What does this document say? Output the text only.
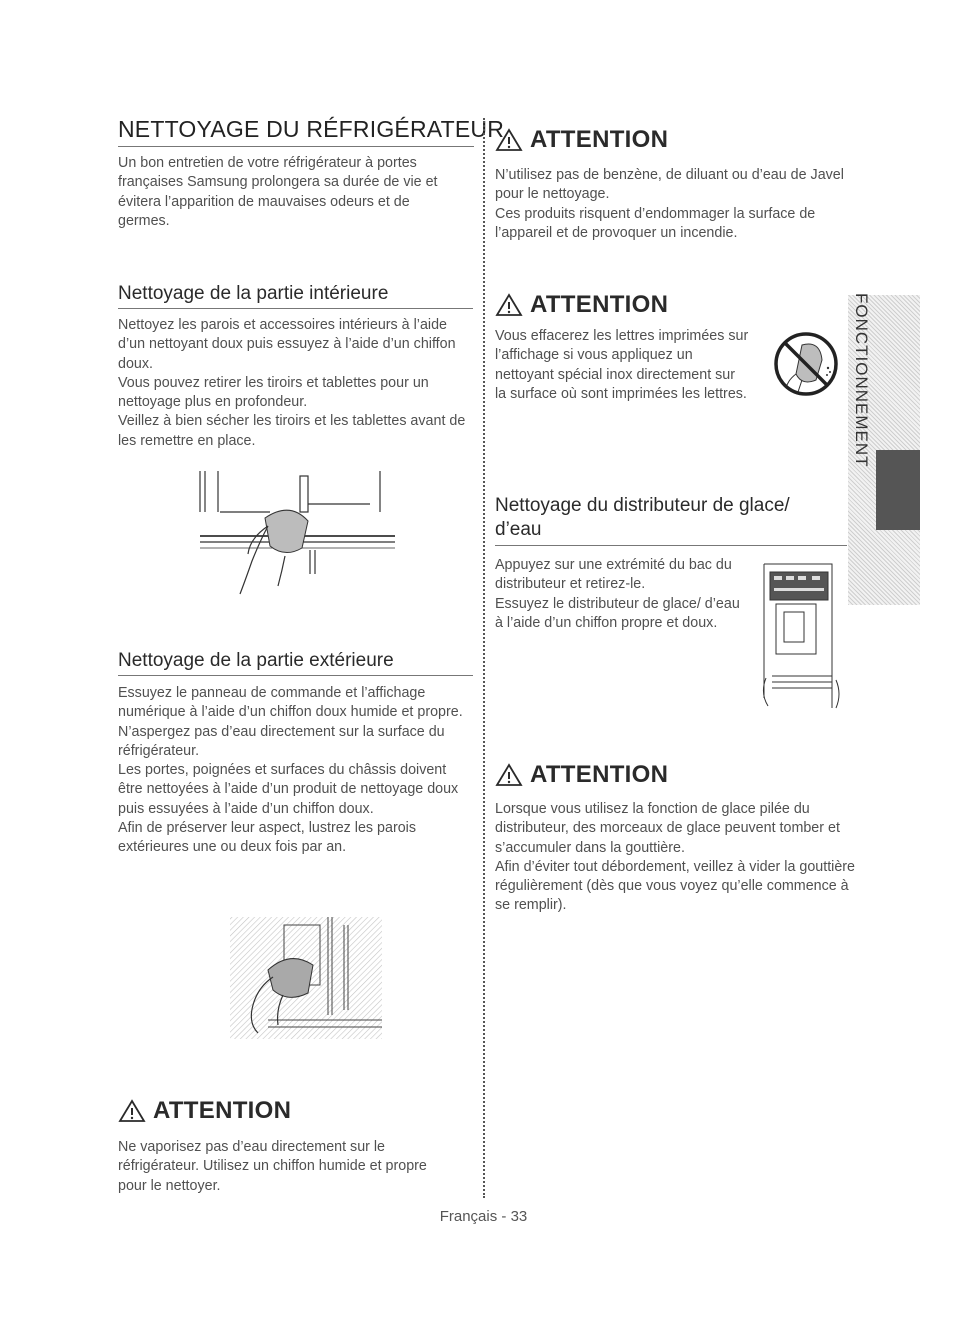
NETTOYAGE DU RÉFRIGÉRATEUR

Un bon entretien de votre réfrigérateur à portes françaises Samsung prolongera sa durée de vie et évitera l’apparition de mauvaises odeurs et de germes.

Nettoyage de la partie intérieure

Nettoyez les parois et accessoires intérieurs à l’aide d’un nettoyant doux puis essuyez à l’aide d’un chiffon doux.

Vous pouvez retirer les tiroirs et tablettes pour un nettoyage plus en profondeur.

Veillez à bien sécher les tiroirs et les tablettes avant de les remettre en place.

Nettoyage de la partie extérieure

Essuyez le panneau de commande et l’affichage numérique à l’aide d’un chiffon doux humide et propre.

N’aspergez pas d’eau directement sur la surface du réfrigérateur.

Les portes, poignées et surfaces du châssis doivent être nettoyées à l’aide d’un produit de nettoyage doux puis essuyées à l’aide d’un chiffon doux.

Afin de préserver leur aspect, lustrez les parois extérieures une ou deux fois par an.

ATTENTION

Ne vaporisez pas d’eau directement sur le réfrigérateur. Utilisez un chiffon humide et propre pour le nettoyer.

ATTENTION

N’utilisez pas de benzène, de diluant ou d’eau de Javel pour le nettoyage.

Ces produits risquent d’endommager la surface de l’appareil et de provoquer un incendie.

ATTENTION

Vous effacerez les lettres imprimées sur l’affichage si vous appliquez un nettoyant spécial inox directement sur la surface où sont imprimées les lettres.	FONCTIONNEMENT
Nettoyage du distributeur de glace/
d’eau

Appuyez sur une extrémité du bac du distributeur et retirez-le.

Essuyez le distributeur de glace/ d’eau à l’aide d’un chiffon propre et doux.

ATTENTION

Lorsque vous utilisez la fonction de glace pilée du distributeur, des morceaux de glace peuvent tomber et s’accumuler dans la gouttière.

Afin d’éviter tout débordement, veillez à vider la gouttière régulièrement (dès que vous voyez qu’elle commence à se remplir).

Français - 33
